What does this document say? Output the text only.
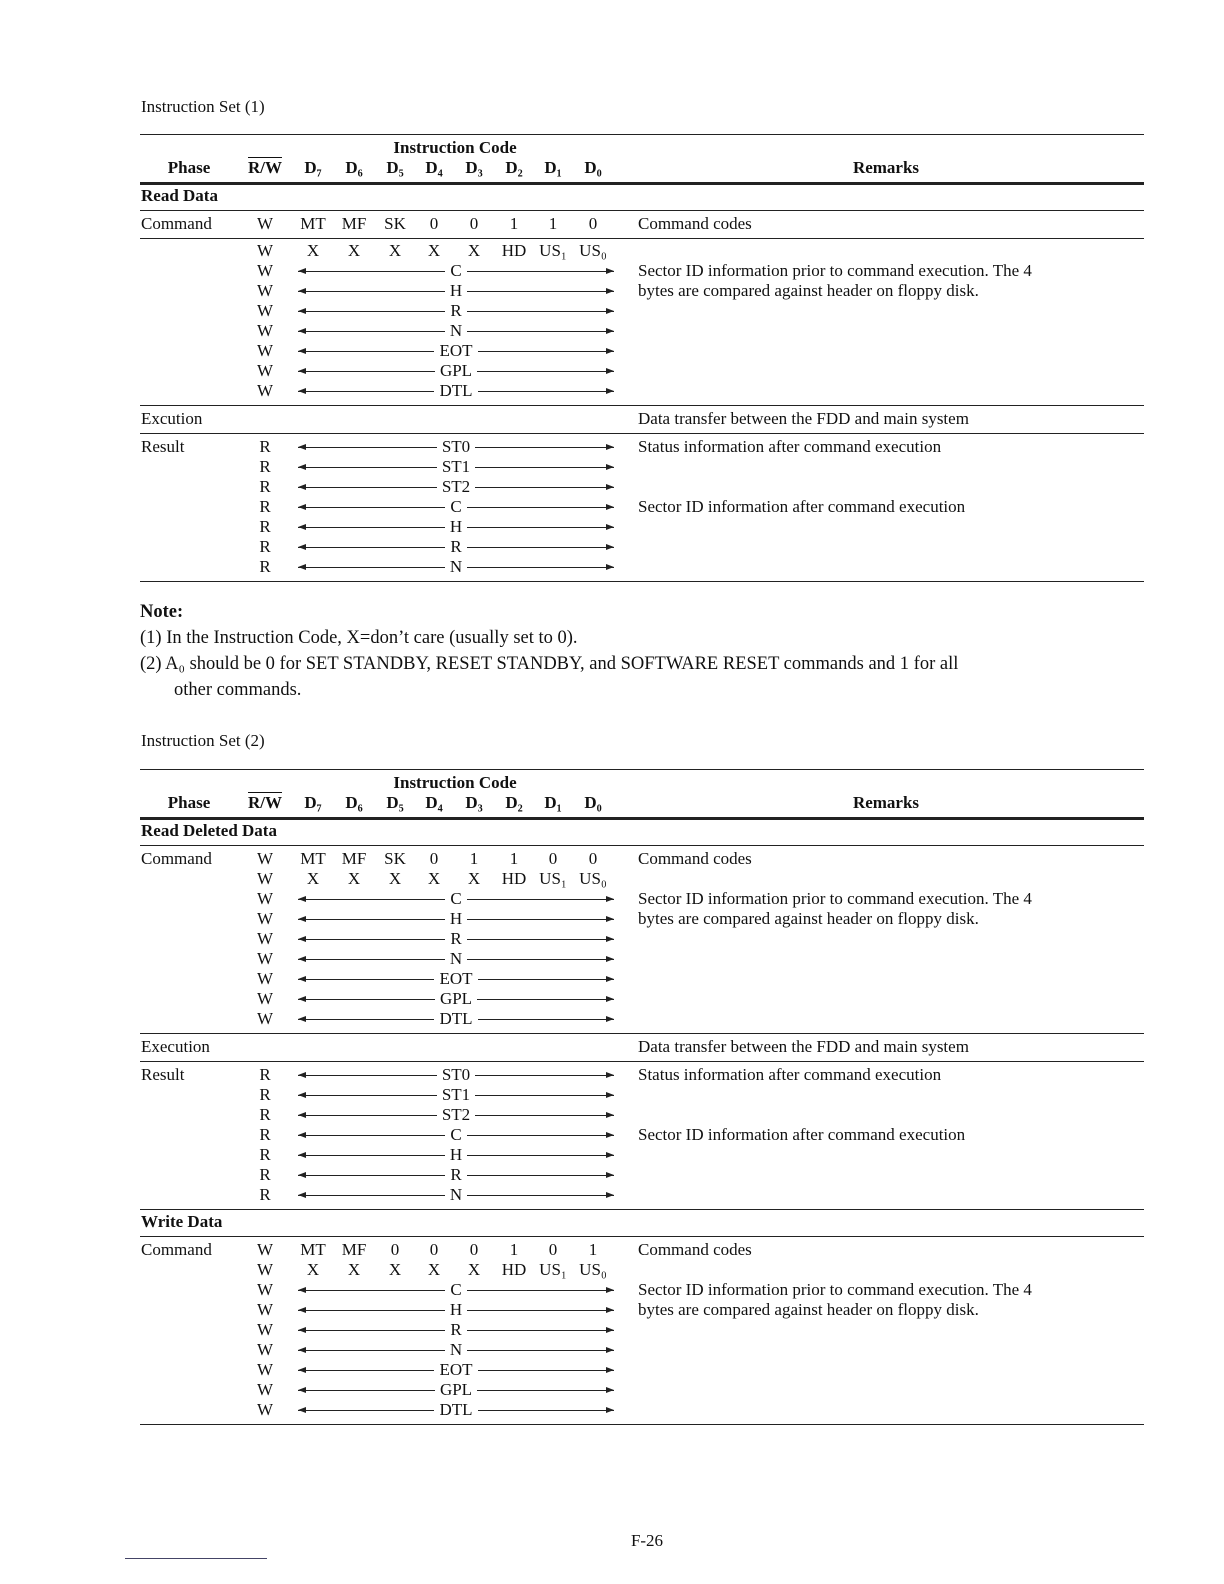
Instruction Set (1)
Instruction Code
Phase R/W D₇ D₆ D₅ D₄ D₃ D₂ D₁ D₀	Remarks
Read Data
Command	W MT MF SK 0 0 1 1 0 Command codes
W X X X X X HD US₁ US₀
W	C	Sector ID information prior to command execution. The 4
W	H	bytes are compared against header on floppy disk.
W	R
W	N
W	EOT
W	GPL
W	DTL
Excution	Data transfer between the FDD and main system
Result	R	ST0	Status information after command execution
R	ST1
R	ST2
R	C	Sector ID information after command execution
R	H
R	R
R	N
Instruction Set (2)
Instruction Code
Phase R/W D₇ D₆ D₅ D₄ D₃ D₂ D₁ D₀	Remarks
Read Deleted Data
Command	W MT MF SK 0 1 1 0 0 Command codes
W X X X X X HD US₁ US₀
W	C	Sector ID information prior to command execution. The 4
W	H	bytes are compared against header on floppy disk.
W	R
W	N
W	EOT
W	GPL
W	DTL
Execution	Data transfer between the FDD and main system
Result	R	ST0	Status information after command execution
R	ST1
R	ST2
R	C	Sector ID information after command execution
R	H
R	R
R	N
Write Data
Command	W MT MF 0 0 0 1 0 1 Command codes
W X X X X X HD US₁ US₀
W	C	Sector ID information prior to command execution. The 4
W	H	bytes are compared against header on floppy disk.
W	R
W	N
W	EOT
W	GPL
W	DTL
Note:
(1) In the Instruction Code, X=don’t care (usually set to 0).
(2) A₀ should be 0 for SET STANDBY, RESET STANDBY, and SOFTWARE RESET commands and 1 for all
other commands.
F-26
